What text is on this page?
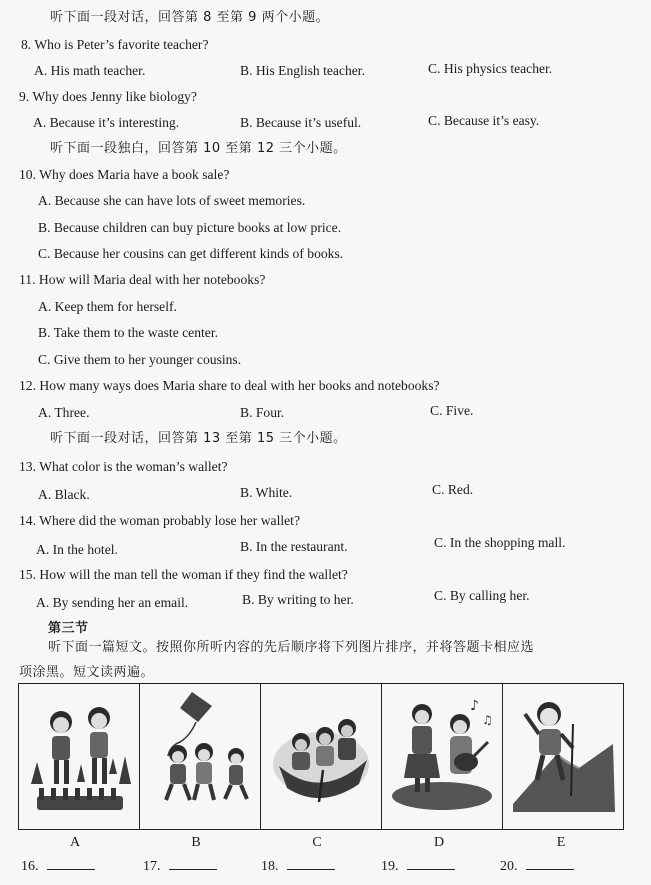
听下面一段对话，回答第 8 至第 9 两个小题。
8. Who is Peter’s favorite teacher?
A. His math teacher.	B. His English teacher.	C. His physics teacher.
9. Why does Jenny like biology?
A. Because it’s interesting.	B. Because it’s useful.	C. Because it’s easy.
听下面一段独白，回答第 10 至第 12 三个小题。
10. Why does Maria have a book sale?
A. Because she can have lots of sweet memories.
B. Because children can buy picture books at low price.
C. Because her cousins can get different kinds of books.
11. How will Maria deal with her notebooks?
A. Keep them for herself.
B. Take them to the waste center.
C. Give them to her younger cousins.
12. How many ways does Maria share to deal with her books and notebooks?
A. Three.	B. Four.	C. Five.
听下面一段对话，回答第 13 至第 15 三个小题。
13. What color is the woman’s wallet?
A. Black.	B. White.	C. Red.
14. Where did the woman probably lose her wallet?
A. In the hotel.	B. In the restaurant.	C. In the shopping mall.
15. How will the man tell the woman if they find the wallet?
A. By sending her an email.	B. By writing to her.	C. By calling her.
第三节
听下面一篇短文。按照你所听内容的先后顺序将下列图片排序，并将答题卡相应选
项涂黑。短文读两遍。
♪
♫
A	B	C	D	E
16.	17.	18.	19.	20.
